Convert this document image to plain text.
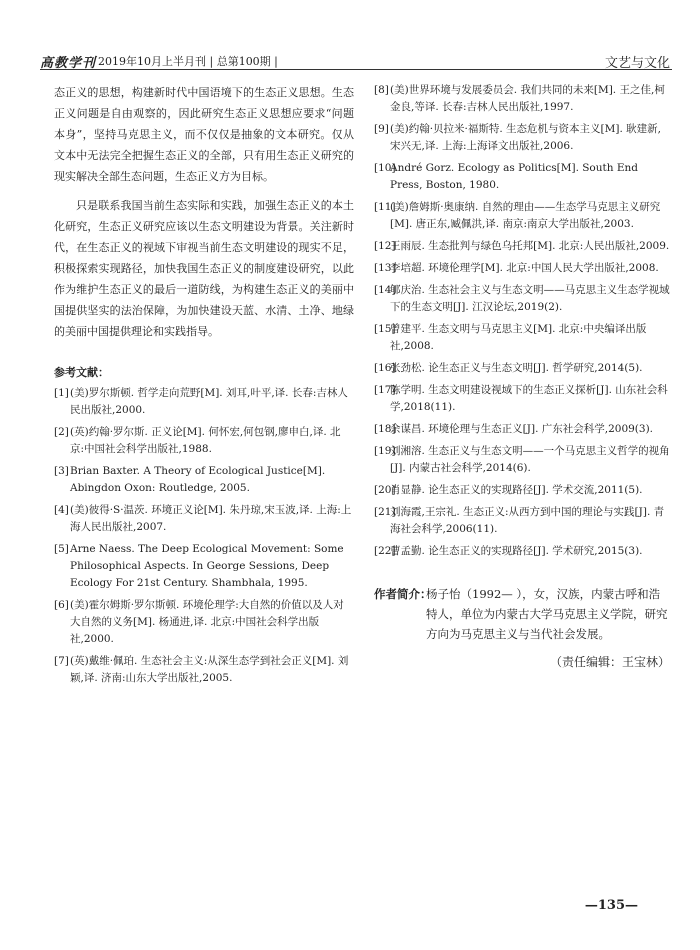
高教学刊 2019年10月上半月刊 | 总第100期 |	文艺与文化

态正义的思想，构建新时代中国语境下的生态正义思想。生态正义问题是自由观察的，因此研究生态正义思想应要求“问题本身”，坚持马克思主义，而不仅仅是抽象的文本研究。仅从文本中无法完全把握生态正义的全部，只有用生态正义研究的现实解决全部生态问题，生态正义方为目标。

只是联系我国当前生态实际和实践，加强生态正义的本土化研究，生态正义研究应该以生态文明建设为背景。关注新时代，在生态正义的视域下审视当前生态文明建设的现实不足，积极探索实现路径，加快我国生态正义的制度建设研究，以此作为维护生态正义的最后一道防线，为构建生态正义的美丽中国提供坚实的法治保障，为加快建设天蓝、水清、土净、地绿的美丽中国提供理论和实践指导。

参考文献：
[1] (美)罗尔斯顿. 哲学走向荒野[M]. 刘耳,叶平,译. 长春:吉林人民出版社,2000.
[2] (英)约翰·罗尔斯. 正义论[M]. 何怀宏,何包钢,廖申白,译. 北京:中国社会科学出版社,1988.
[3] Brian Baxter. A Theory of Ecological Justice[M]. Abingdon Oxon: Routledge, 2005.
[4] (美)彼得·S·温茨. 环境正义论[M]. 朱丹琼,宋玉波,译. 上海:上海人民出版社,2007.
[5] Arne Naess. The Deep Ecological Movement: Some Philosophical Aspects. In George Sessions, Deep Ecology For 21st Century. Shambhala, 1995.
[6] (美)霍尔姆斯·罗尔斯顿. 环境伦理学:大自然的价值以及人对大自然的义务[M]. 杨通进,译. 北京:中国社会科学出版社,2000.
[7] (英)戴维·佩珀. 生态社会主义:从深生态学到社会正义[M]. 刘颖,译. 济南:山东大学出版社,2005.
[8] (美)世界环境与发展委员会. 我们共同的未来[M]. 王之佳,柯金良,等译. 长春:吉林人民出版社,1997.
[9] (美)约翰·贝拉米·福斯特. 生态危机与资本主义[M]. 耿建新,宋兴无,译. 上海:上海译文出版社,2006.
[10]
André Gorz. Ecology as Politics[M]. South End Press, Boston, 1980.
[11]
(美)詹姆斯·奥康纳. 自然的理由——生态学马克思主义研究[M]. 唐正东,臧佩洪,译. 南京:南京大学出版社,2003.
[12]
王雨辰. 生态批判与绿色乌托邦[M]. 北京:人民出版社,2009.
[13]
李培超. 环境伦理学[M]. 北京:中国人民大学出版社,2008.
[14]
郇庆治. 生态社会主义与生态文明——马克思主义生态学视域下的生态文明[J]. 江汉论坛,2019(2).
[15]
曾建平. 生态文明与马克思主义[M]. 北京:中央编译出版社,2008.
[16]
张劲松. 论生态正义与生态文明[J]. 哲学研究,2014(5).
[17]
陈学明. 生态文明建设视域下的生态正义探析[J]. 山东社会科学,2018(11).
[18]
余谋昌. 环境伦理与生态正义[J]. 广东社会科学,2009(3).
[19]
刘湘溶. 生态正义与生态文明——一个马克思主义哲学的视角[J]. 内蒙古社会科学,2014(6).
[20]
肖显静. 论生态正义的实现路径[J]. 学术交流,2011(5).
[21]
刘海霞,王宗礼. 生态正义:从西方到中国的理论与实践[J]. 青海社会科学,2006(11).
[22]
曹孟勤. 论生态正义的实现路径[J]. 学术研究,2015(3).
作者简介：
杨子怡（1992— ），女，汉族，内蒙古呼和浩特人，单位为内蒙古大学马克思主义学院，研究方向为马克思主义与当代社会发展。
（责任编辑：王宝林）
—135—
